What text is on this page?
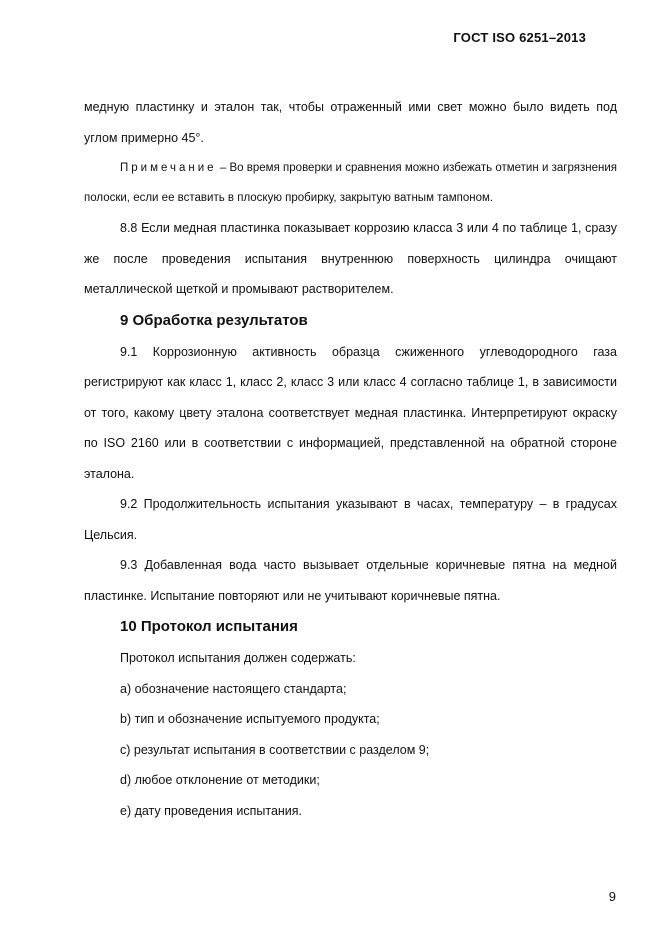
ГОСТ ISO 6251–2013

медную пластинку и эталон так, чтобы отраженный ими свет можно было видеть под углом примерно 45°.

Примечание – Во время проверки и сравнения можно избежать отметин и загрязнения полоски, если ее вставить в плоскую пробирку, закрытую ватным тампоном.

8.8 Если медная пластинка показывает коррозию класса 3 или 4 по таблице 1, сразу же после проведения испытания внутреннюю поверхность цилиндра очищают металлической щеткой и промывают растворителем.

9 Обработка результатов

9.1 Коррозионную активность образца сжиженного углеводородного газа регистрируют как класс 1, класс 2, класс 3 или класс 4 согласно таблице 1, в зависимости от того, какому цвету эталона соответствует медная пластинка. Интерпретируют окраску по ISO 2160 или в соответствии с информацией, представленной на обратной стороне эталона.

9.2 Продолжительность испытания указывают в часах, температуру – в градусах Цельсия.

9.3 Добавленная вода часто вызывает отдельные коричневые пятна на медной пластинке. Испытание повторяют или не учитывают коричневые пятна.

10 Протокол испытания

Протокол испытания должен содержать:

a) обозначение настоящего стандарта;

b) тип и обозначение испытуемого продукта;

c) результат испытания в соответствии с разделом 9;

d) любое отклонение от методики;

e) дату проведения испытания.

9
